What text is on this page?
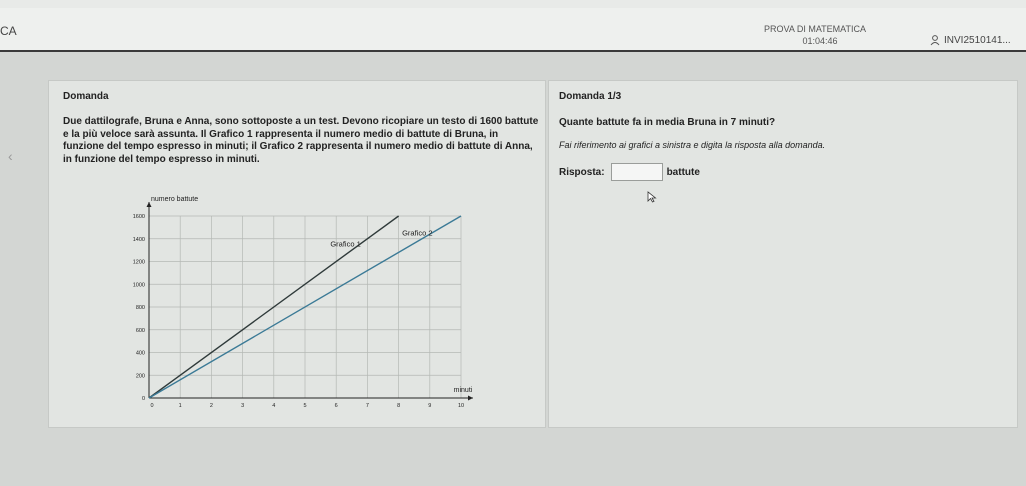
CA	PROVA DI MATEMATICA
01:04:46	INVI2510141...
‹
Domanda
Due dattilografe, Bruna e Anna, sono sottoposte a un test. Devono ricopiare un testo di 1600 battute e la più veloce sarà assunta. Il Grafico 1 rappresenta il numero medio di battute di Bruna, in funzione del tempo espresso in minuti; il Grafico 2 rappresenta il numero medio di battute di Anna, in funzione del tempo espresso in minuti.
0	1	2	3	4	5	6	7	8	9	10
0
200
400
600
800
1000
1200
1400
1600
numero battute
minuti
Grafico 1
Grafico 2
Domanda 1/3
Quante battute fa in media Bruna in 7 minuti?
Fai riferimento ai grafici a sinistra e digita la risposta alla domanda.
Risposta:	battute
